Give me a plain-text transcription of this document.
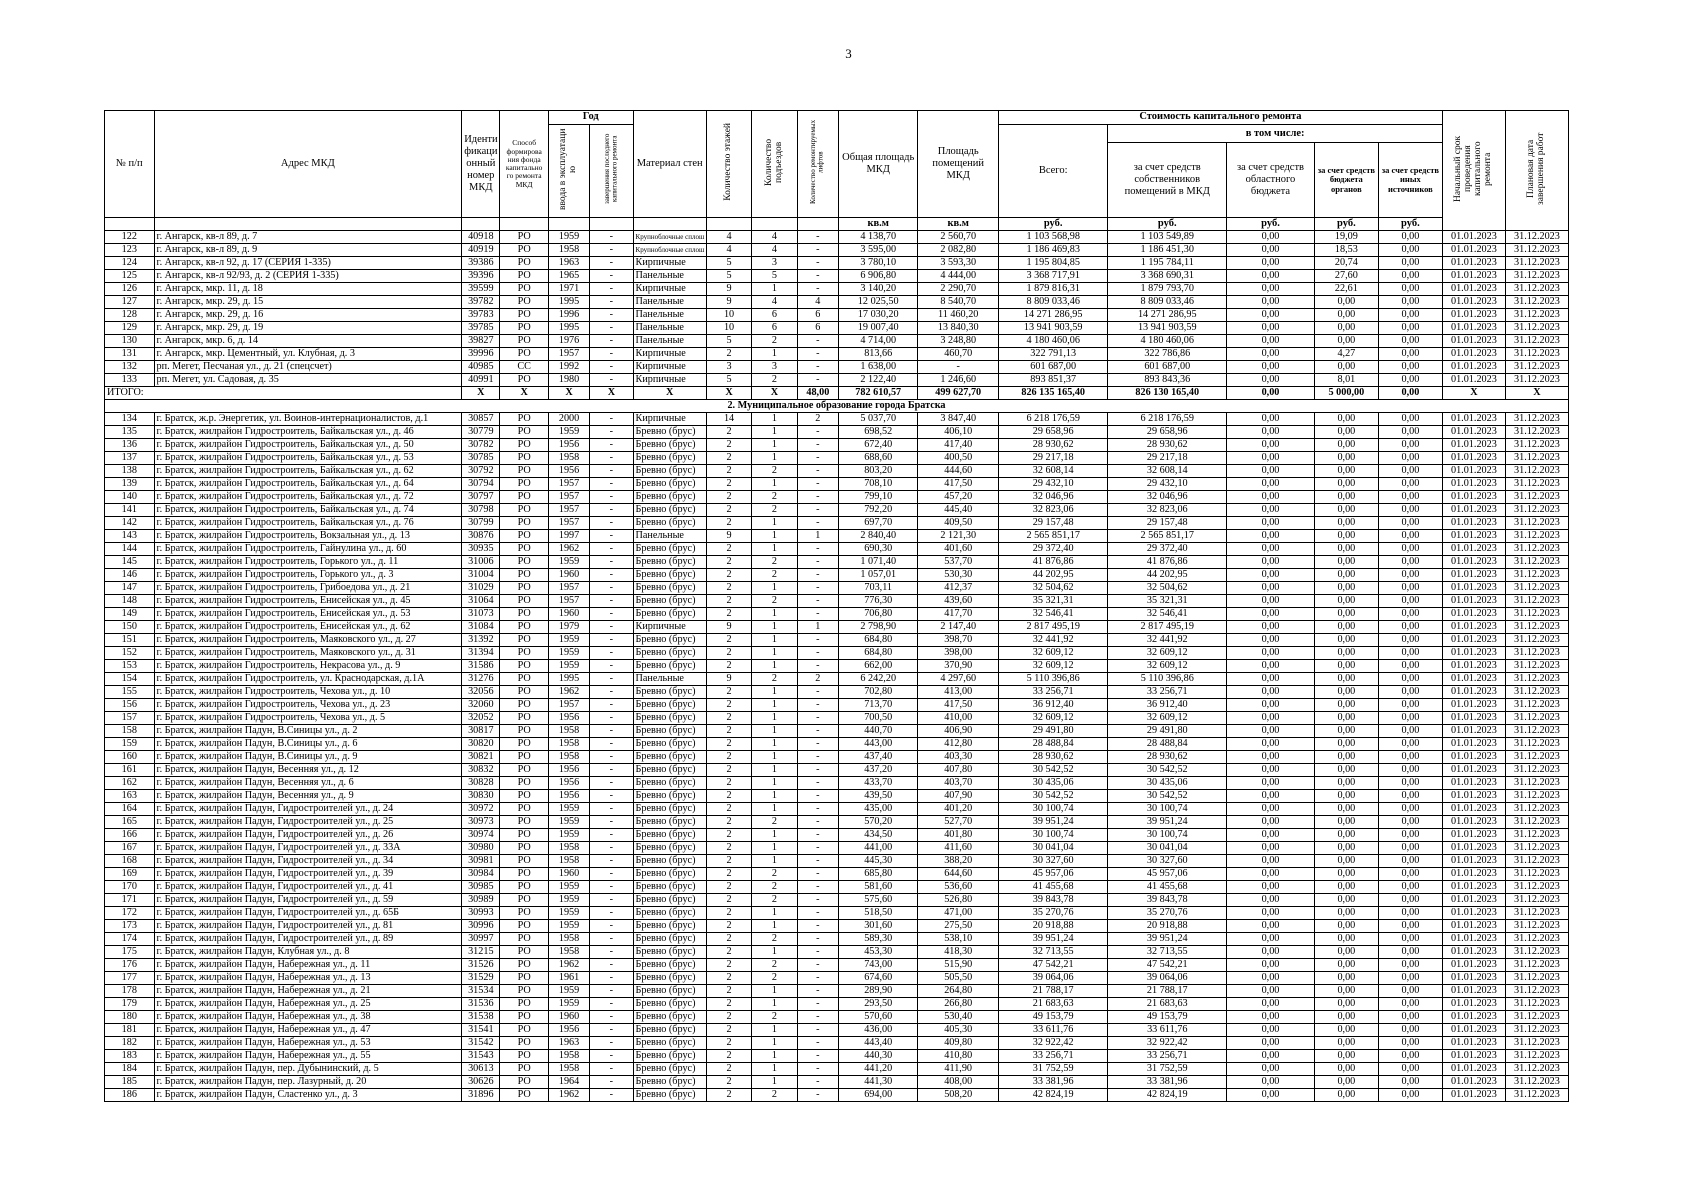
3
№ п/п	Адрес МКД	Иденти фикаци онный номер МКД	Способ формирова ния фонда капитально го ремонта МКД	Год		Материал стен	Количество этажей	Количество подъездов	Количество ремонтируемых лифтов	Общая площадь МКД	Площадь помещений МКД	Стоимость капитального ремонта					Начальный срок проведения капитального ремонта	Плановая дата завершения работ
				ввода в эксплуатаци ю	завершения последнего капитального ремонта							Всего:	в том числе:					
													за счет средств собственников помещений в МКД	за счет средств областного бюджета	за счет средств бюджета органов	за счет средств иных источников		
										кв.м	кв.м	руб.	руб.	руб.	руб.	руб.		
122	г. Ангарск, кв-л 89, д. 7	40918	РО	1959	-	Крупноблочные сплош	4	4	-	4 138,70	2 560,70	1 103 568,98	1 103 549,89	0,00	19,09	0,00	01.01.2023	31.12.2023
123	г. Ангарск, кв-л 89, д. 9	40919	РО	1958	-	Крупноблочные сплош	4	4	-	3 595,00	2 082,80	1 186 469,83	1 186 451,30	0,00	18,53	0,00	01.01.2023	31.12.2023
124	г. Ангарск, кв-л 92, д. 17 (СЕРИЯ 1-335)	39386	РО	1963	-	Кирпичные	5	3	-	3 780,10	3 593,30	1 195 804,85	1 195 784,11	0,00	20,74	0,00	01.01.2023	31.12.2023
125	г. Ангарск, кв-л 92/93, д. 2 (СЕРИЯ 1-335)	39396	РО	1965	-	Панельные	5	5	-	6 906,80	4 444,00	3 368 717,91	3 368 690,31	0,00	27,60	0,00	01.01.2023	31.12.2023
126	г. Ангарск, мкр. 11, д. 18	39599	РО	1971	-	Кирпичные	9	1	-	3 140,20	2 290,70	1 879 816,31	1 879 793,70	0,00	22,61	0,00	01.01.2023	31.12.2023
127	г. Ангарск, мкр. 29, д. 15	39782	РО	1995	-	Панельные	9	4	4	12 025,50	8 540,70	8 809 033,46	8 809 033,46	0,00	0,00	0,00	01.01.2023	31.12.2023
128	г. Ангарск, мкр. 29, д. 16	39783	РО	1996	-	Панельные	10	6	6	17 030,20	11 460,20	14 271 286,95	14 271 286,95	0,00	0,00	0,00	01.01.2023	31.12.2023
129	г. Ангарск, мкр. 29, д. 19	39785	РО	1995	-	Панельные	10	6	6	19 007,40	13 840,30	13 941 903,59	13 941 903,59	0,00	0,00	0,00	01.01.2023	31.12.2023
130	г. Ангарск, мкр. 6, д. 14	39827	РО	1976	-	Панельные	5	2	-	4 714,00	3 248,80	4 180 460,06	4 180 460,06	0,00	0,00	0,00	01.01.2023	31.12.2023
131	г. Ангарск, мкр. Цементный, ул. Клубная, д. 3	39996	РО	1957	-	Кирпичные	2	1	-	813,66	460,70	322 791,13	322 786,86	0,00	4,27	0,00	01.01.2023	31.12.2023
132	рп. Мегет, Песчаная ул., д. 21 (спецсчет)	40985	СС	1992	-	Кирпичные	3	3	-	1 638,00	-	601 687,00	601 687,00	0,00	0,00	0,00	01.01.2023	31.12.2023
133	рп. Мегет, ул. Садовая, д. 35	40991	РО	1980	-	Кирпичные	5	2	-	2 122,40	1 246,60	893 851,37	893 843,36	0,00	8,01	0,00	01.01.2023	31.12.2023
ИТОГО:		X	X	X	X	X	X	X	48,00	782 610,57	499 627,70	826 135 165,40	826 130 165,40	0,00	5 000,00	0,00	X	X
2. Муниципальное образование города Братска																		
134	г. Братск, ж.р. Энергетик, ул. Воинов-интернационалистов, д.1	30857	РО	2000	-	Кирпичные	14	1	2	5 037,70	3 847,40	6 218 176,59	6 218 176,59	0,00	0,00	0,00	01.01.2023	31.12.2023
135	г. Братск, жилрайон Гидростроитель, Байкальская ул., д. 46	30779	РО	1959	-	Бревно (брус)	2	1	-	698,52	406,10	29 658,96	29 658,96	0,00	0,00	0,00	01.01.2023	31.12.2023
136	г. Братск, жилрайон Гидростроитель, Байкальская ул., д. 50	30782	РО	1956	-	Бревно (брус)	2	1	-	672,40	417,40	28 930,62	28 930,62	0,00	0,00	0,00	01.01.2023	31.12.2023
137	г. Братск, жилрайон Гидростроитель, Байкальская ул., д. 53	30785	РО	1958	-	Бревно (брус)	2	1	-	688,60	400,50	29 217,18	29 217,18	0,00	0,00	0,00	01.01.2023	31.12.2023
138	г. Братск, жилрайон Гидростроитель, Байкальская ул., д. 62	30792	РО	1956	-	Бревно (брус)	2	2	-	803,20	444,60	32 608,14	32 608,14	0,00	0,00	0,00	01.01.2023	31.12.2023
139	г. Братск, жилрайон Гидростроитель, Байкальская ул., д. 64	30794	РО	1957	-	Бревно (брус)	2	1	-	708,10	417,50	29 432,10	29 432,10	0,00	0,00	0,00	01.01.2023	31.12.2023
140	г. Братск, жилрайон Гидростроитель, Байкальская ул., д. 72	30797	РО	1957	-	Бревно (брус)	2	2	-	799,10	457,20	32 046,96	32 046,96	0,00	0,00	0,00	01.01.2023	31.12.2023
141	г. Братск, жилрайон Гидростроитель, Байкальская ул., д. 74	30798	РО	1957	-	Бревно (брус)	2	2	-	792,20	445,40	32 823,06	32 823,06	0,00	0,00	0,00	01.01.2023	31.12.2023
142	г. Братск, жилрайон Гидростроитель, Байкальская ул., д. 76	30799	РО	1957	-	Бревно (брус)	2	1	-	697,70	409,50	29 157,48	29 157,48	0,00	0,00	0,00	01.01.2023	31.12.2023
143	г. Братск, жилрайон Гидростроитель, Вокзальная ул., д. 13	30876	РО	1997	-	Панельные	9	1	1	2 840,40	2 121,30	2 565 851,17	2 565 851,17	0,00	0,00	0,00	01.01.2023	31.12.2023
144	г. Братск, жилрайон Гидростроитель, Гайнулина ул., д. 60	30935	РО	1962	-	Бревно (брус)	2	1	-	690,30	401,60	29 372,40	29 372,40	0,00	0,00	0,00	01.01.2023	31.12.2023
145	г. Братск, жилрайон Гидростроитель, Горького ул., д. 11	31006	РО	1959	-	Бревно (брус)	2	2	-	1 071,40	537,70	41 876,86	41 876,86	0,00	0,00	0,00	01.01.2023	31.12.2023
146	г. Братск, жилрайон Гидростроитель, Горького ул., д. 3	31004	РО	1960	-	Бревно (брус)	2	2	-	1 057,01	530,30	44 202,95	44 202,95	0,00	0,00	0,00	01.01.2023	31.12.2023
147	г. Братск, жилрайон Гидростроитель, Грибоедова ул., д. 21	31029	РО	1957	-	Бревно (брус)	2	1	-	703,11	412,37	32 504,62	32 504,62	0,00	0,00	0,00	01.01.2023	31.12.2023
148	г. Братск, жилрайон Гидростроитель, Енисейская ул., д. 45	31064	РО	1957	-	Бревно (брус)	2	2	-	776,30	439,60	35 321,31	35 321,31	0,00	0,00	0,00	01.01.2023	31.12.2023
149	г. Братск, жилрайон Гидростроитель, Енисейская ул., д. 53	31073	РО	1960	-	Бревно (брус)	2	1	-	706,80	417,70	32 546,41	32 546,41	0,00	0,00	0,00	01.01.2023	31.12.2023
150	г. Братск, жилрайон Гидростроитель, Енисейская ул., д. 62	31084	РО	1979	-	Кирпичные	9	1	1	2 798,90	2 147,40	2 817 495,19	2 817 495,19	0,00	0,00	0,00	01.01.2023	31.12.2023
151	г. Братск, жилрайон Гидростроитель, Маяковского ул., д. 27	31392	РО	1959	-	Бревно (брус)	2	1	-	684,80	398,70	32 441,92	32 441,92	0,00	0,00	0,00	01.01.2023	31.12.2023
152	г. Братск, жилрайон Гидростроитель, Маяковского ул., д. 31	31394	РО	1959	-	Бревно (брус)	2	1	-	684,80	398,00	32 609,12	32 609,12	0,00	0,00	0,00	01.01.2023	31.12.2023
153	г. Братск, жилрайон Гидростроитель, Некрасова ул., д. 9	31586	РО	1959	-	Бревно (брус)	2	1	-	662,00	370,90	32 609,12	32 609,12	0,00	0,00	0,00	01.01.2023	31.12.2023
154	г. Братск, жилрайон Гидростроитель, ул. Краснодарская, д.1А	31276	РО	1995	-	Панельные	9	2	2	6 242,20	4 297,60	5 110 396,86	5 110 396,86	0,00	0,00	0,00	01.01.2023	31.12.2023
155	г. Братск, жилрайон Гидростроитель, Чехова ул., д. 10	32056	РО	1962	-	Бревно (брус)	2	1	-	702,80	413,00	33 256,71	33 256,71	0,00	0,00	0,00	01.01.2023	31.12.2023
156	г. Братск, жилрайон Гидростроитель, Чехова ул., д. 23	32060	РО	1957	-	Бревно (брус)	2	1	-	713,70	417,50	36 912,40	36 912,40	0,00	0,00	0,00	01.01.2023	31.12.2023
157	г. Братск, жилрайон Гидростроитель, Чехова ул., д. 5	32052	РО	1956	-	Бревно (брус)	2	1	-	700,50	410,00	32 609,12	32 609,12	0,00	0,00	0,00	01.01.2023	31.12.2023
158	г. Братск, жилрайон Падун, В.Синицы ул., д. 2	30817	РО	1958	-	Бревно (брус)	2	1	-	440,70	406,90	29 491,80	29 491,80	0,00	0,00	0,00	01.01.2023	31.12.2023
159	г. Братск, жилрайон Падун, В.Синицы ул., д. 6	30820	РО	1958	-	Бревно (брус)	2	1	-	443,00	412,80	28 488,84	28 488,84	0,00	0,00	0,00	01.01.2023	31.12.2023
160	г. Братск, жилрайон Падун, В.Синицы ул., д. 9	30821	РО	1958	-	Бревно (брус)	2	1	-	437,40	403,30	28 930,62	28 930,62	0,00	0,00	0,00	01.01.2023	31.12.2023
161	г. Братск, жилрайон Падун, Весенняя ул., д. 12	30832	РО	1956	-	Бревно (брус)	2	1	-	437,20	407,80	30 542,52	30 542,52	0,00	0,00	0,00	01.01.2023	31.12.2023
162	г. Братск, жилрайон Падун, Весенняя ул., д. 6	30828	РО	1956	-	Бревно (брус)	2	1	-	433,70	403,70	30 435,06	30 435,06	0,00	0,00	0,00	01.01.2023	31.12.2023
163	г. Братск, жилрайон Падун, Весенняя ул., д. 9	30830	РО	1956	-	Бревно (брус)	2	1	-	439,50	407,90	30 542,52	30 542,52	0,00	0,00	0,00	01.01.2023	31.12.2023
164	г. Братск, жилрайон Падун, Гидростроителей ул., д. 24	30972	РО	1959	-	Бревно (брус)	2	1	-	435,00	401,20	30 100,74	30 100,74	0,00	0,00	0,00	01.01.2023	31.12.2023
165	г. Братск, жилрайон Падун, Гидростроителей ул., д. 25	30973	РО	1959	-	Бревно (брус)	2	2	-	570,20	527,70	39 951,24	39 951,24	0,00	0,00	0,00	01.01.2023	31.12.2023
166	г. Братск, жилрайон Падун, Гидростроителей ул., д. 26	30974	РО	1959	-	Бревно (брус)	2	1	-	434,50	401,80	30 100,74	30 100,74	0,00	0,00	0,00	01.01.2023	31.12.2023
167	г. Братск, жилрайон Падун, Гидростроителей ул., д. 33А	30980	РО	1958	-	Бревно (брус)	2	1	-	441,00	411,60	30 041,04	30 041,04	0,00	0,00	0,00	01.01.2023	31.12.2023
168	г. Братск, жилрайон Падун, Гидростроителей ул., д. 34	30981	РО	1958	-	Бревно (брус)	2	1	-	445,30	388,20	30 327,60	30 327,60	0,00	0,00	0,00	01.01.2023	31.12.2023
169	г. Братск, жилрайон Падун, Гидростроителей ул., д. 39	30984	РО	1960	-	Бревно (брус)	2	2	-	685,80	644,60	45 957,06	45 957,06	0,00	0,00	0,00	01.01.2023	31.12.2023
170	г. Братск, жилрайон Падун, Гидростроителей ул., д. 41	30985	РО	1959	-	Бревно (брус)	2	2	-	581,60	536,60	41 455,68	41 455,68	0,00	0,00	0,00	01.01.2023	31.12.2023
171	г. Братск, жилрайон Падун, Гидростроителей ул., д. 59	30989	РО	1959	-	Бревно (брус)	2	2	-	575,60	526,80	39 843,78	39 843,78	0,00	0,00	0,00	01.01.2023	31.12.2023
172	г. Братск, жилрайон Падун, Гидростроителей ул., д. 65Б	30993	РО	1959	-	Бревно (брус)	2	1	-	518,50	471,00	35 270,76	35 270,76	0,00	0,00	0,00	01.01.2023	31.12.2023
173	г. Братск, жилрайон Падун, Гидростроителей ул., д. 81	30996	РО	1959	-	Бревно (брус)	2	1	-	301,60	275,50	20 918,88	20 918,88	0,00	0,00	0,00	01.01.2023	31.12.2023
174	г. Братск, жилрайон Падун, Гидростроителей ул., д. 89	30997	РО	1958	-	Бревно (брус)	2	2	-	589,30	538,10	39 951,24	39 951,24	0,00	0,00	0,00	01.01.2023	31.12.2023
175	г. Братск, жилрайон Падун, Клубная ул., д. 8	31215	РО	1958	-	Бревно (брус)	2	1	-	453,30	418,30	32 713,55	32 713,55	0,00	0,00	0,00	01.01.2023	31.12.2023
176	г. Братск, жилрайон Падун, Набережная ул., д. 11	31526	РО	1962	-	Бревно (брус)	2	2	-	743,00	515,90	47 542,21	47 542,21	0,00	0,00	0,00	01.01.2023	31.12.2023
177	г. Братск, жилрайон Падун, Набережная ул., д. 13	31529	РО	1961	-	Бревно (брус)	2	2	-	674,60	505,50	39 064,06	39 064,06	0,00	0,00	0,00	01.01.2023	31.12.2023
178	г. Братск, жилрайон Падун, Набережная ул., д. 21	31534	РО	1959	-	Бревно (брус)	2	1	-	289,90	264,80	21 788,17	21 788,17	0,00	0,00	0,00	01.01.2023	31.12.2023
179	г. Братск, жилрайон Падун, Набережная ул., д. 25	31536	РО	1959	-	Бревно (брус)	2	1	-	293,50	266,80	21 683,63	21 683,63	0,00	0,00	0,00	01.01.2023	31.12.2023
180	г. Братск, жилрайон Падун, Набережная ул., д. 38	31538	РО	1960	-	Бревно (брус)	2	2	-	570,60	530,40	49 153,79	49 153,79	0,00	0,00	0,00	01.01.2023	31.12.2023
181	г. Братск, жилрайон Падун, Набережная ул., д. 47	31541	РО	1956	-	Бревно (брус)	2	1	-	436,00	405,30	33 611,76	33 611,76	0,00	0,00	0,00	01.01.2023	31.12.2023
182	г. Братск, жилрайон Падун, Набережная ул., д. 53	31542	РО	1963	-	Бревно (брус)	2	1	-	443,40	409,80	32 922,42	32 922,42	0,00	0,00	0,00	01.01.2023	31.12.2023
183	г. Братск, жилрайон Падун, Набережная ул., д. 55	31543	РО	1958	-	Бревно (брус)	2	1	-	440,30	410,80	33 256,71	33 256,71	0,00	0,00	0,00	01.01.2023	31.12.2023
184	г. Братск, жилрайон Падун, пер. Дубынинский, д. 5	30613	РО	1958	-	Бревно (брус)	2	1	-	441,20	411,90	31 752,59	31 752,59	0,00	0,00	0,00	01.01.2023	31.12.2023
185	г. Братск, жилрайон Падун, пер. Лазурный, д. 20	30626	РО	1964	-	Бревно (брус)	2	1	-	441,30	408,00	33 381,96	33 381,96	0,00	0,00	0,00	01.01.2023	31.12.2023
186	г. Братск, жилрайон Падун, Сластенко ул., д. 3	31896	РО	1962	-	Бревно (брус)	2	2	-	694,00	508,20	42 824,19	42 824,19	0,00	0,00	0,00	01.01.2023	31.12.2023
